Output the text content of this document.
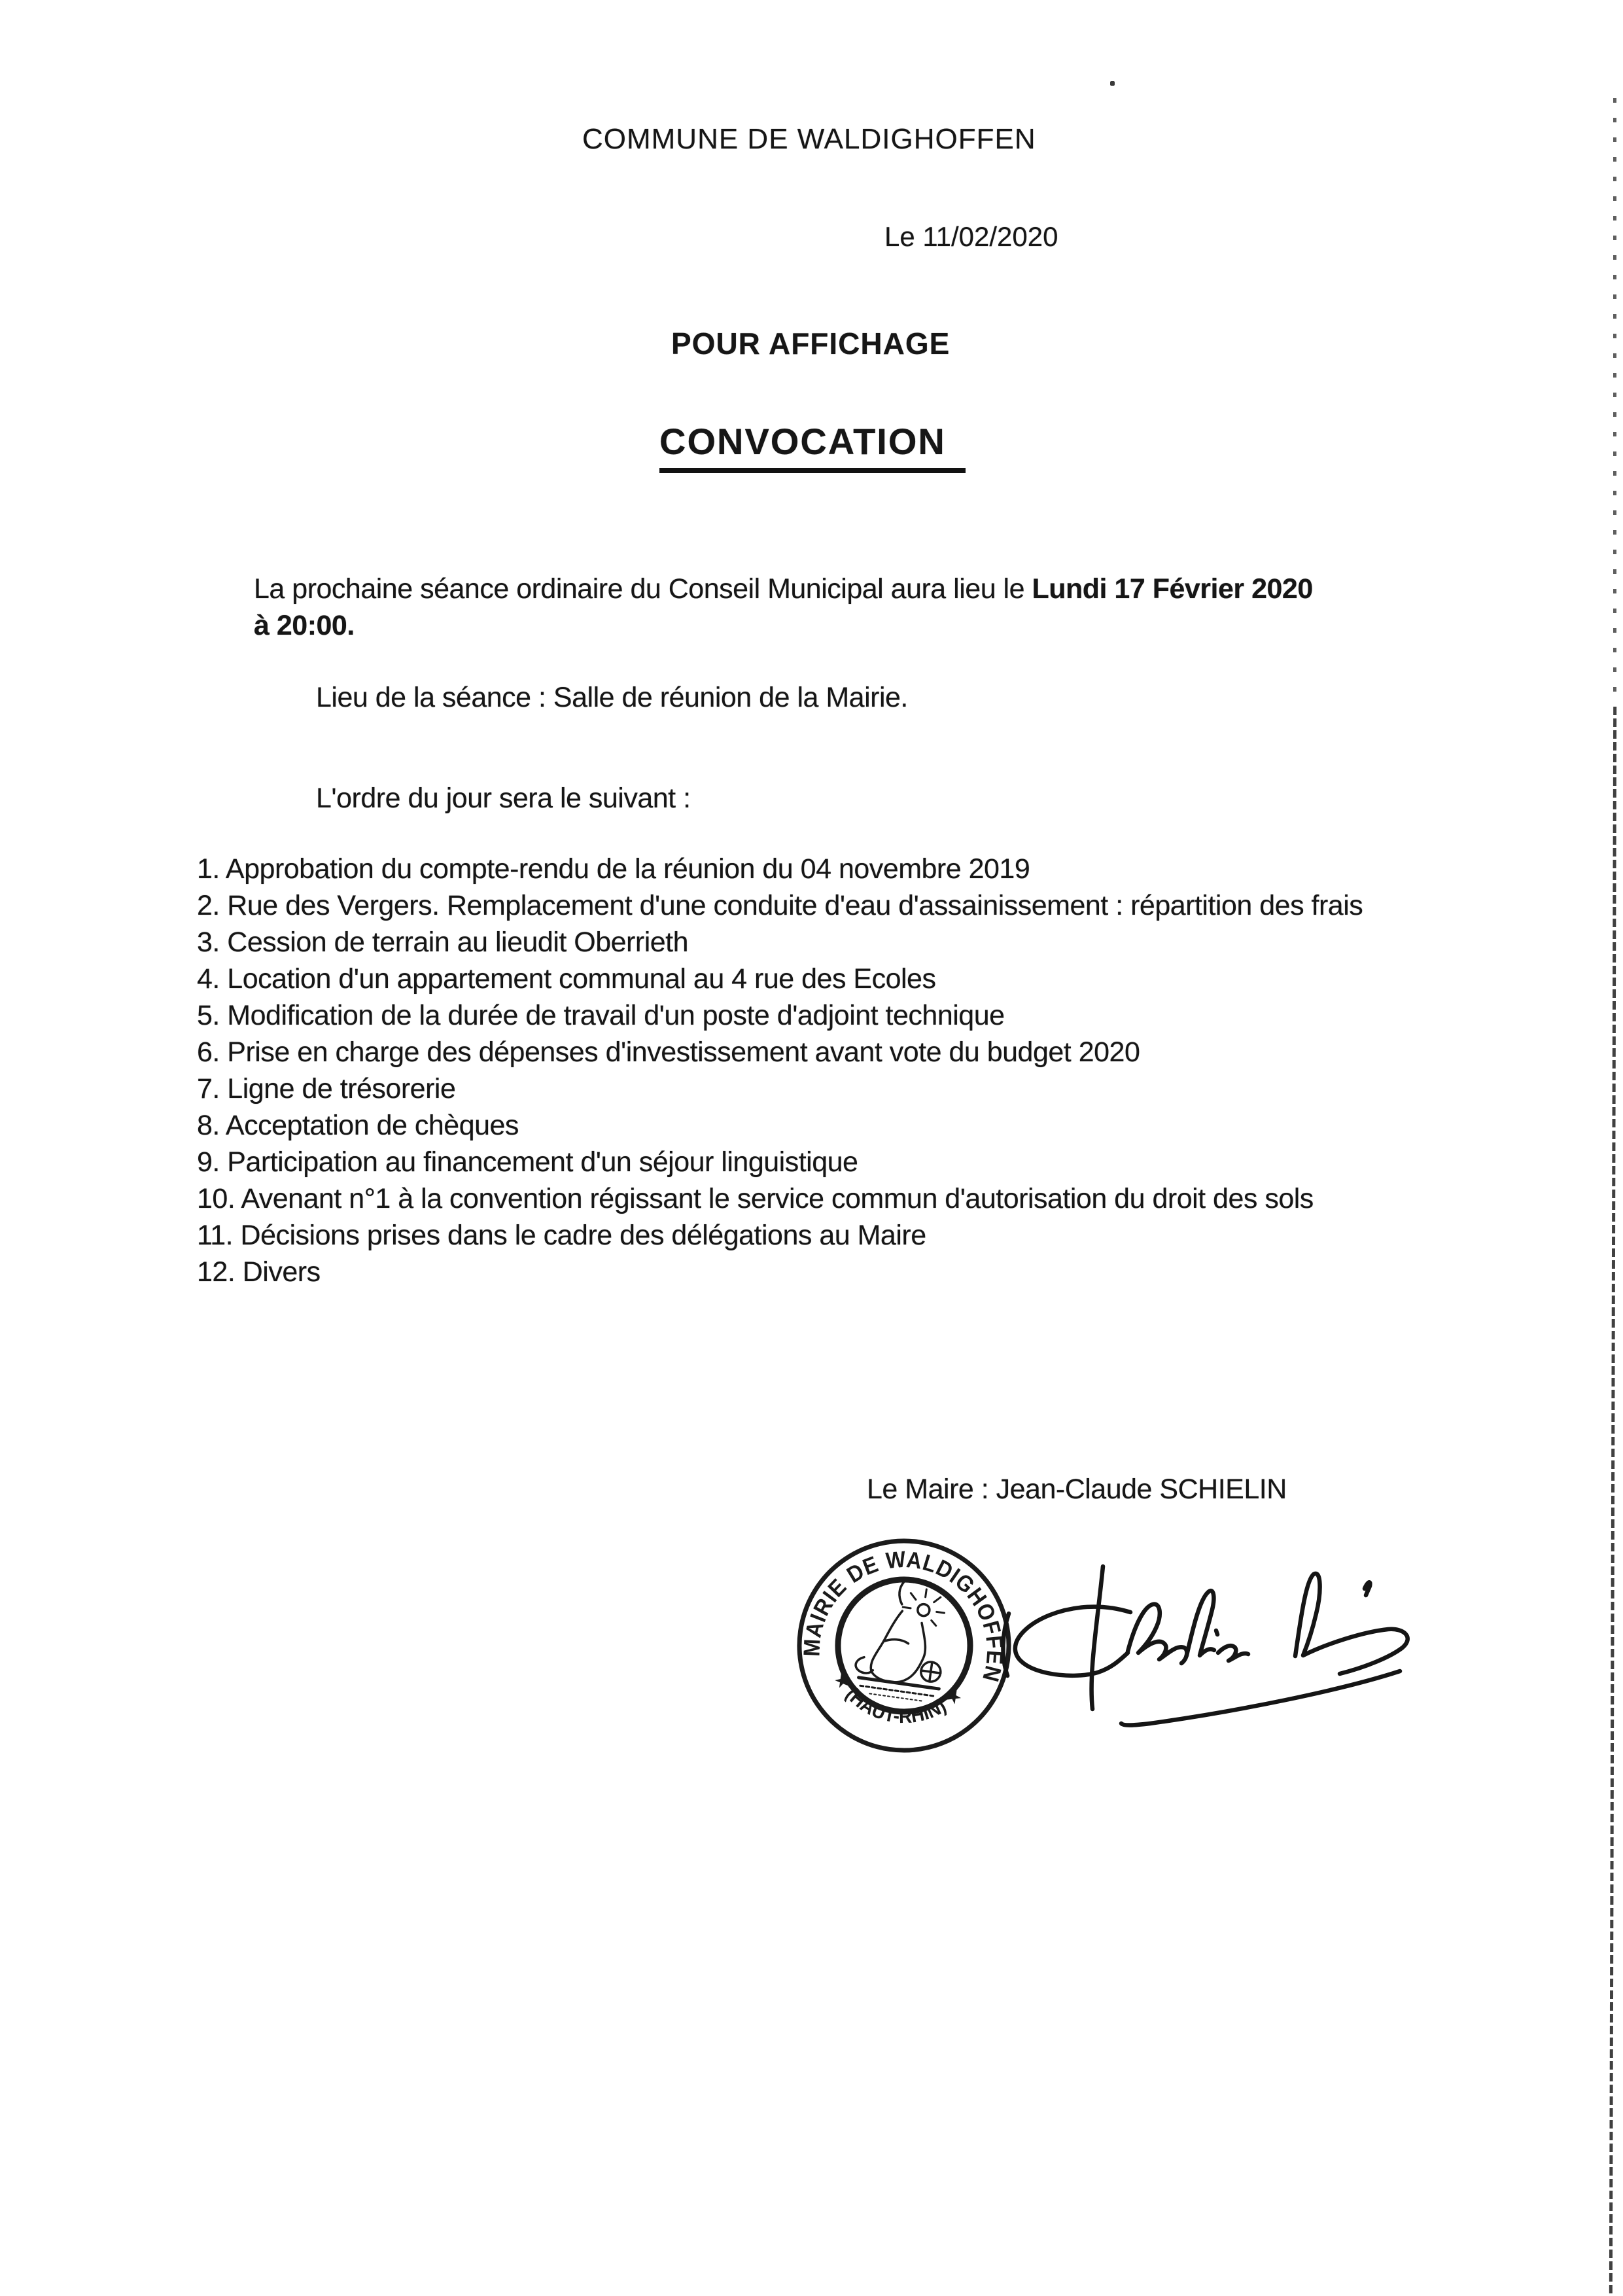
COMMUNE DE WALDIGHOFFEN
Le 11/02/2020
POUR AFFICHAGE
CONVOCATION

La prochaine séance ordinaire du Conseil Municipal aura lieu le Lundi 17 Février 2020
à 20:00.

Lieu de la séance : Salle de réunion de la Mairie.
L'ordre du jour sera le suivant :
1. Approbation du compte-rendu de la réunion du 04 novembre 2019
2. Rue des Vergers. Remplacement d'une conduite d'eau d'assainissement : répartition des frais
3. Cession de terrain au lieudit Oberrieth
4. Location d'un appartement communal au 4 rue des Ecoles
5. Modification de la durée de travail d'un poste d'adjoint technique
6. Prise en charge des dépenses d'investissement avant vote du budget 2020
7. Ligne de trésorerie
8. Acceptation de chèques
9. Participation au financement d'un séjour linguistique
10. Avenant n°1 à la convention régissant le service commun d'autorisation du droit des sols
11. Décisions prises dans le cadre des délégations au Maire
12. Divers
Le Maire : Jean-Claude SCHIELIN
MAIRIE DE WALDIGHOFFEN
★ (HAUT-RHIN) ★
